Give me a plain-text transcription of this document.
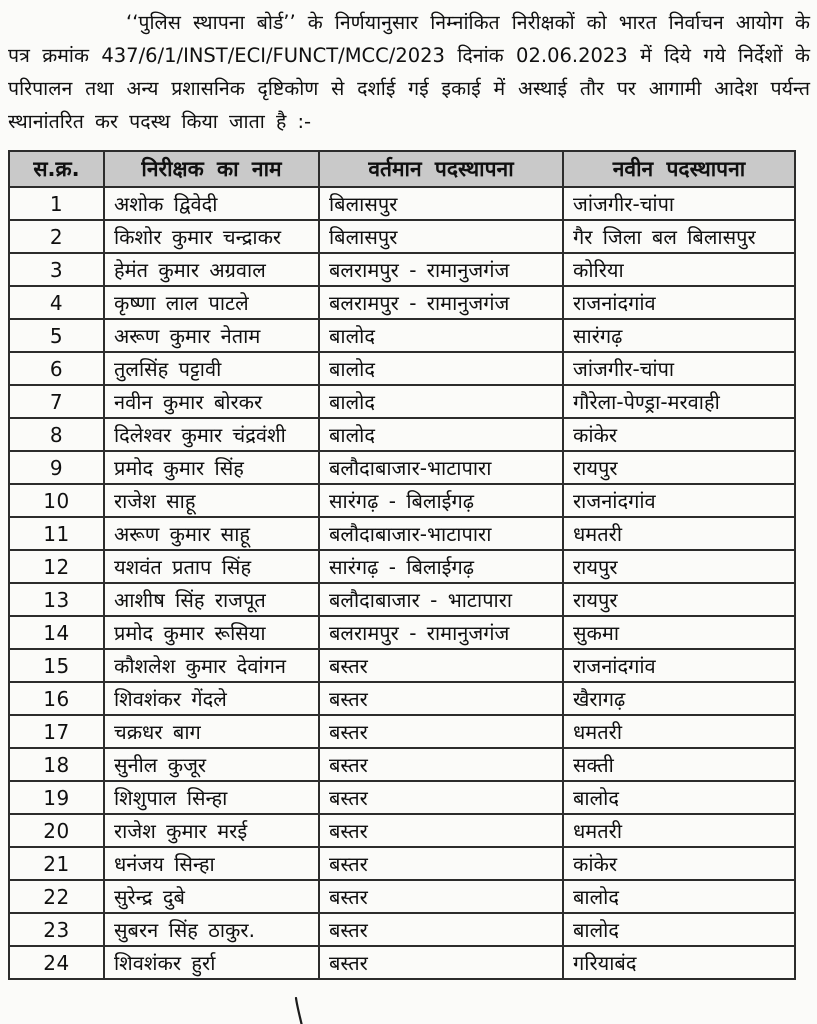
‘‘पुलिस स्थापना बोर्ड’’ के निर्णयानुसार निम्नांकित निरीक्षकों को भारत निर्वाचन आयोग के पत्र क्रमांक 437/6/1/INST/ECI/FUNCT/MCC/2023 दिनांक 02.06.2023 में दिये गये निर्देशों के परिपालन तथा अन्य प्रशासनिक दृष्टिकोण से दर्शाई गई इकाई में अस्थाई तौर पर आगामी आदेश पर्यन्त स्थानांतरित कर पदस्थ किया जाता है :-

स.क्र.	निरीक्षक का नाम	वर्तमान पदस्थापना	नवीन पदस्थापना
1	अशोक द्विवेदी	बिलासपुर	जांजगीर-चांपा
2	किशोर कुमार चन्द्राकर	बिलासपुर	गैर जिला बल बिलासपुर
3	हेमंत कुमार अग्रवाल	बलरामपुर - रामानुजगंज	कोरिया
4	कृष्णा लाल पाटले	बलरामपुर - रामानुजगंज	राजनांदगांव
5	अरूण कुमार नेताम	बालोद	सारंगढ़
6	तुलसिंह पट्टावी	बालोद	जांजगीर-चांपा
7	नवीन कुमार बोरकर	बालोद	गौरेला-पेण्ड्रा-मरवाही
8	दिलेश्वर कुमार चंद्रवंशी	बालोद	कांकेर
9	प्रमोद कुमार सिंह	बलौदाबाजार-भाटापारा	रायपुर
10	राजेश साहू	सारंगढ़ - बिलाईगढ़	राजनांदगांव
11	अरूण कुमार साहू	बलौदाबाजार-भाटापारा	धमतरी
12	यशवंत प्रताप सिंह	सारंगढ़ - बिलाईगढ़	रायपुर
13	आशीष सिंह राजपूत	बलौदाबाजार - भाटापारा	रायपुर
14	प्रमोद कुमार रूसिया	बलरामपुर - रामानुजगंज	सुकमा
15	कौशलेश कुमार देवांगन	बस्तर	राजनांदगांव
16	शिवशंकर गेंदले	बस्तर	खैरागढ़
17	चक्रधर बाग	बस्तर	धमतरी
18	सुनील कुजूर	बस्तर	सक्ती
19	शिशुपाल सिन्हा	बस्तर	बालोद
20	राजेश कुमार मरई	बस्तर	धमतरी
21	धनंजय सिन्हा	बस्तर	कांकेर
22	सुरेन्द्र दुबे	बस्तर	बालोद
23	सुबरन सिंह ठाकुर.	बस्तर	बालोद
24	शिवशंकर हुर्रा	बस्तर	गरियाबंद
